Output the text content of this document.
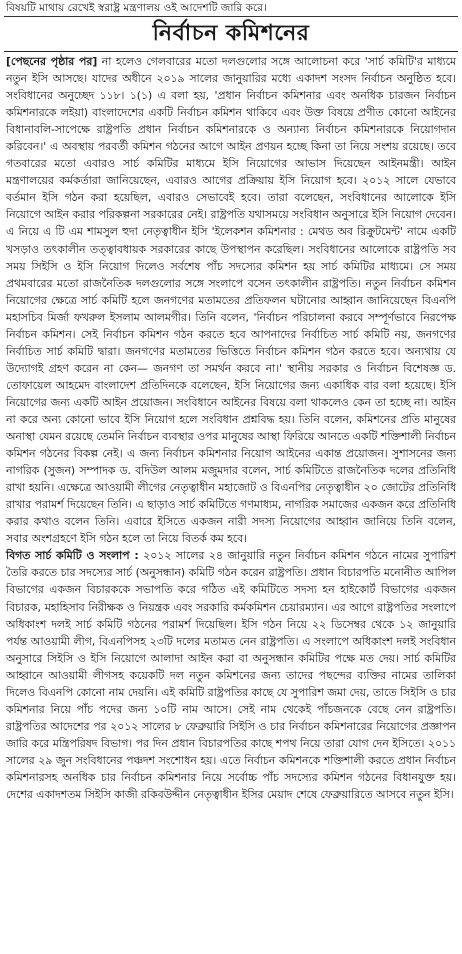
বিষয়টি মাথায় রেখেই স্বরাষ্ট্র মন্ত্রণালয় ওই আদেশটি জারি করে।
নির্বাচন কমিশনের

[পেছনের পৃষ্ঠার পর] না হলেও গেলবারের মতো দলগুলোর সঙ্গে আলোচনা করে 'সার্চ কমিটি'র মাধ্যমে নতুন ইসি আসছে। যাদের অধীনে ২০১৯ সালের জানুয়ারির মধ্যে একাদশ সংসদ নির্বাচন অনুষ্ঠিত হবে। সংবিধানের অনুচ্ছেদ ১১৮। ১(১) এ বলা হয়, 'প্রধান নির্বাচন কমিশনার এবং অনধিক চারজন নির্বাচন কমিশনারকে লইয়া) বাংলাদেশের একটি নির্বাচন কমিশন থাকিবে এবং উক্ত বিষয়ে প্রণীত কোনো আইনের বিধানাবলি-সাপেক্ষে রাষ্ট্রপতি প্রধান নির্বাচন কমিশনারকে ও অন্যান্য নির্বাচন কমিশনারকে নিয়োগদান করিবেন।' এ অবস্থায় পরবর্তী কমিশন গঠনের আগে আইন প্রণয়ন হচ্ছে কিনা তা নিয়ে সংশয় রয়েছে। তবে গতবারের মতো এবারও সার্চ কমিটির মাধ্যমে ইসি নিয়োগের আভাস দিয়েছেন আইনমন্ত্রী। আইন মন্ত্রণালয়ের কর্মকর্তারা জানিয়েছেন, এবারও আগের প্রক্রিয়ায় ইসি নিয়োগ হবে। ২০১২ সালে যেভাবে বর্তমান ইসি গঠন করা হয়েছিল, এবারও সেভাবেই হবে। তারা বলেছেন, সংবিধানের আলোকে ইসি নিয়োগে আইন করার পরিকল্পনা সরকারের নেই। রাষ্ট্রপতি যথাসময়ে সংবিধান অনুসারে ইসি নিয়োগ দেবেন। এ নিয়ে এ টি এম শামসুল হুদা নেতৃত্বাধীন ইসি 'ইলেকশন কমিশনার : মেথড অব রিক্রুটমেন্ট' নামে একটি খসড়াও তৎকালীন তত্ত্বাবধায়ক সরকারের কাছে উপস্থাপন করেছিল। সংবিধানের আলোকে রাষ্ট্রপতি সব সময় সিইসি ও ইসি নিয়োগ দিলেও সর্বশেষ পাঁচ সদস্যের কমিশন হয় সার্চ কমিটির মাধ্যমে। সে সময় প্রথমবারের মতো রাজনৈতিক দলগুলোর সঙ্গে সংলাপে বসেন তৎকালীন রাষ্ট্রপতি। নতুন নির্বাচন কমিশন নিয়োগের ক্ষেত্রে সার্চ কমিটি হলে জনগণের মতামতের প্রতিফলন ঘটানোর আহ্বান জানিয়েছেন বিএনপি মহাসচিব মির্জা ফখরুল ইসলাম আলমগীর। তিনি বলেন, 'নির্বাচন পরিচালনা করবে সম্পূর্ণভাবে নিরপেক্ষ নির্বাচন কমিশন। সেই নির্বাচন কমিশন গঠন করতে হবে আপনাদের নির্বাচিত সার্চ কমিটি নয়, জনগণের নির্বাচিত সার্চ কমিটি দ্বারা। জনগণের মতামতের ভিত্তিতে নির্বাচন কমিশন গঠন করতে হবে। অন্যথায় যে উদ্যোগই গ্রহণ করেন না কেন— জনগণ তা সমর্থন করবে না।' স্থানীয় সরকার ও নির্বাচন বিশেষজ্ঞ ড. তোফায়েল আহমেদ বাংলাদেশ প্রতিদিনকে বলেছেন, ইসি নিয়োগের জন্য একাধিক বার বলা হয়েছে। ইসি নিয়োগের জন্য একটি আইন প্রয়োজন। সংবিধানে আইনের বিষয়ে বলা থাকলেও কেন তা হচ্ছে না। আইন না করে অন্য কোনো ভাবে ইসি নিয়োগ হলে সংবিধান প্রশ্নবিদ্ধ হয়। তিনি বলেন, কমিশনের প্রতি মানুষের অনাস্থা যেমন রয়েছে তেমনি নির্বাচন ব্যবস্থার ওপর মানুষের আস্থা ফিরিয়ে আনতে একটি শক্তিশালী নির্বাচন কমিশন গঠনের বিকল্প নেই। এ জন্য নির্বাচন কমিশনার নিয়োগ আইনের একান্ত প্রয়োজন। সুশাসনের জন্য নাগরিক (সুজন) সম্পাদক ড. বদিউল আলম মজুমদার বলেন, সার্চ কমিটিতে রাজনৈতিক দলের প্রতিনিধি রাখা হয়নি। এক্ষেত্রে আওয়ামী লীগের নেতৃত্বাধীন মহাজোট ও বিএনপির নেতৃত্বাধীন ২০ জোটের প্রতিনিধি রাখার পরামর্শ দিয়েছেন তিনি। এ ছাড়াও সার্চ কমিটিতে গণমাধ্যম, নাগরিক সমাজের একজন করে প্রতিনিধি করার কথাও বলেন তিনি। এবারে ইসিতে একজন নারী সদস্য নিয়োগের আহ্বান জানিয়ে তিনি বলেন, সবার অংশগ্রহণে ইসি গঠন হলে তা নিয়ে বিতর্ক কম হবে।

বিগত সার্চ কমিটি ও সংলাপ : ২০১২ সালের ২৪ জানুয়ারি নতুন নির্বাচন কমিশন গঠনে নামের সুপারিশ তৈরি করতে চার সদস্যের সার্চ (অনুসন্ধান) কমিটি গঠন করেন রাষ্ট্রপতি। প্রধান বিচারপতি মনোনীত আপিল বিভাগের একজন বিচারককে সভাপতি করে গঠিত এই কমিটিতে সদস্য হন হাইকোর্ট বিভাগের একজন বিচারক, মহাহিসাব নিরীক্ষক ও নিয়ন্ত্রক এবং সরকারি কর্মকমিশন চেয়ারম্যান। এর আগে রাষ্ট্রপতির সংলাপে অধিকাংশ দলই সার্চ কমিটি গঠনের পরামর্শ দিয়েছিল। ইসি গঠন নিয়ে ২২ ডিসেম্বর থেকে ১২ জানুয়ারি পর্যন্ত আওয়ামী লীগ, বিএনপিসহ ২৩টি দলের মতামত নেন রাষ্ট্রপতি। এ সংলাপে অধিকাংশ দলই সংবিধান অনুসারে সিইসি ও ইসি নিয়োগে আলাদা আইন করা বা অনুসন্ধান কমিটির পক্ষে মত দেয়। সার্চ কমিটির আহ্বানে আওয়ামী লীগসহ কয়েকটি দল নতুন কমিশনের জন্য তাদের পছন্দের ব্যক্তির নামের তালিকা দিলেও বিএনপি কোনো নাম দেয়নি। এই কমিটি রাষ্ট্রপতির কাছে যে সুপারিশ জমা দেয়, তাতে সিইসি ও চার কমিশনার নিয়ে পাঁচ পদের জন্য ১০টি নাম আসে। সেই নাম থেকেই পাঁচজনকে বেছে নেন রাষ্ট্রপতি। রাষ্ট্রপতির আদেশের পর ২০১২ সালের ৮ ফেব্রুয়ারি সিইসি ও চার নির্বাচন কমিশনারের নিয়োগের প্রজ্ঞাপন জারি করে মন্ত্রিপরিষদ বিভাগ। পর দিন প্রধান বিচারপতির কাছে শপথ নিয়ে তারা যোগ দেন ইসিতে। ২০১১ সালের ২৯ জুন সংবিধানের পঞ্চদশ সংশোধন হয়। এতে নির্বাচন কমিশনকে শক্তিশালী করতে প্রধান নির্বাচন কমিশনারসহ অনধিক চার নির্বাচন কমিশনার নিয়ে সর্বোচ্চ পাঁচ সদস্যের কমিশন গঠনের বিধানযুক্ত হয়। দেশের একাদশতম সিইসি কাজী রকিবউদ্দীন নেতৃত্বাধীন ইসির মেয়াদ শেষে ফেব্রুয়ারিতে আসবে নতুন ইসি।
